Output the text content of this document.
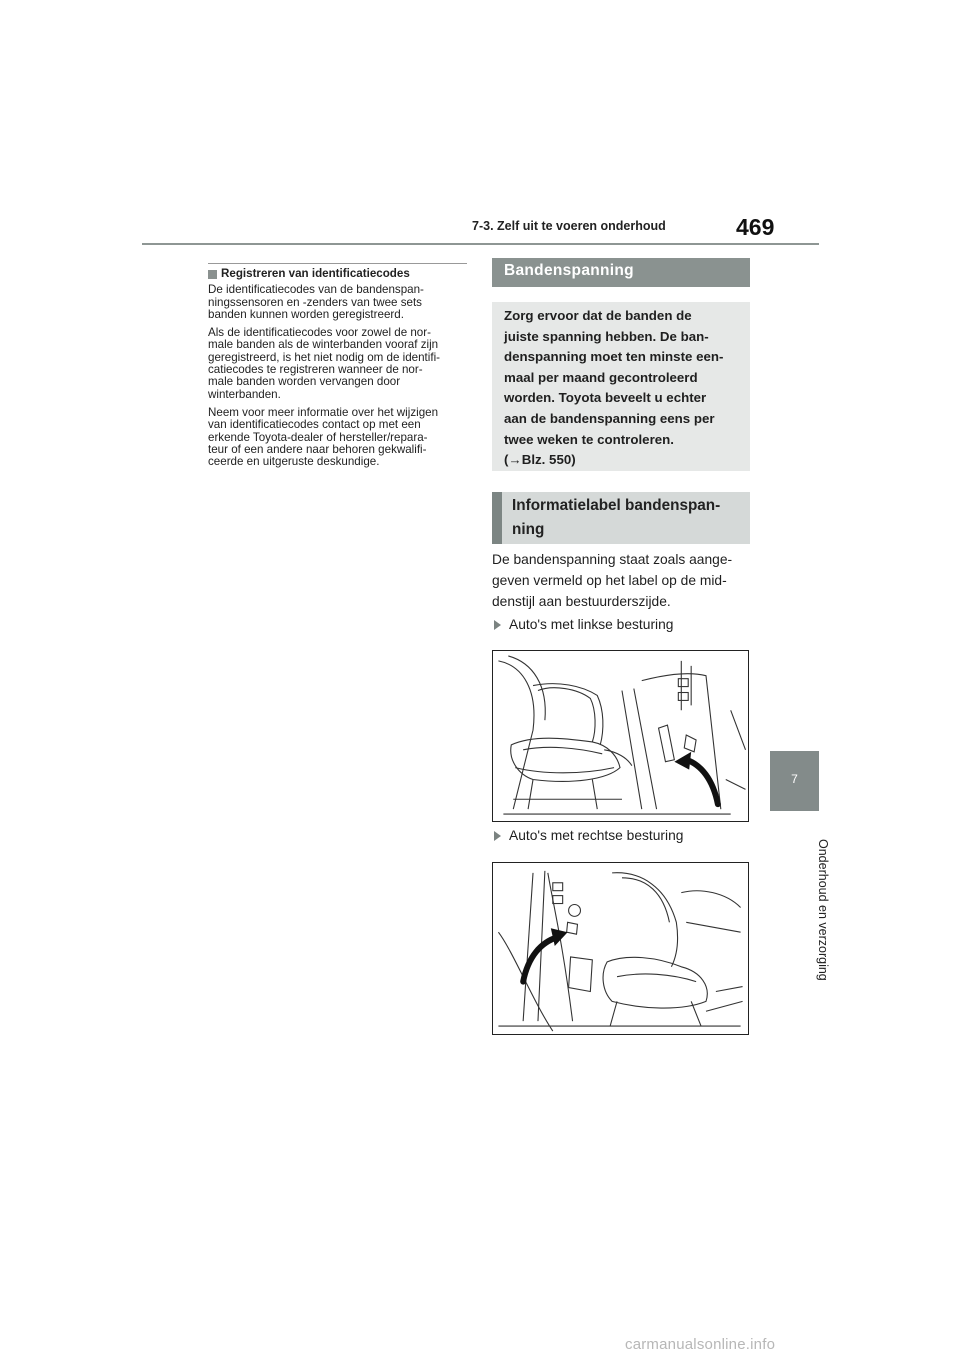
7-3. Zelf uit te voeren onderhoud	469
7
Onderhoud en verzorging
Registreren van identificatiecodes

De identificatiecodes van de bandenspan-
ningssensoren en -zenders van twee sets
banden kunnen worden geregistreerd.

Als de identificatiecodes voor zowel de nor-
male banden als de winterbanden vooraf zijn
geregistreerd, is het niet nodig om de identifi-
catiecodes te registreren wanneer de nor-
male banden worden vervangen door
winterbanden.

Neem voor meer informatie over het wijzigen
van identificatiecodes contact op met een
erkende Toyota-dealer of hersteller/repara-
teur of een andere naar behoren gekwalifi-
ceerde en uitgeruste deskundige.

Bandenspanning
Zorg ervoor dat de banden de
juiste spanning hebben. De ban-
denspanning moet ten minste een-
maal per maand gecontroleerd
worden. Toyota beveelt u echter
aan de bandenspanning eens per
twee weken te controleren.
(→Blz. 550)
Informatielabel bandenspan-
ning
De bandenspanning staat zoals aange-
geven vermeld op het label op de mid-
denstijl aan bestuurderszijde.
Auto's met linkse besturing
Auto's met rechtse besturing
carmanualsonline.info
